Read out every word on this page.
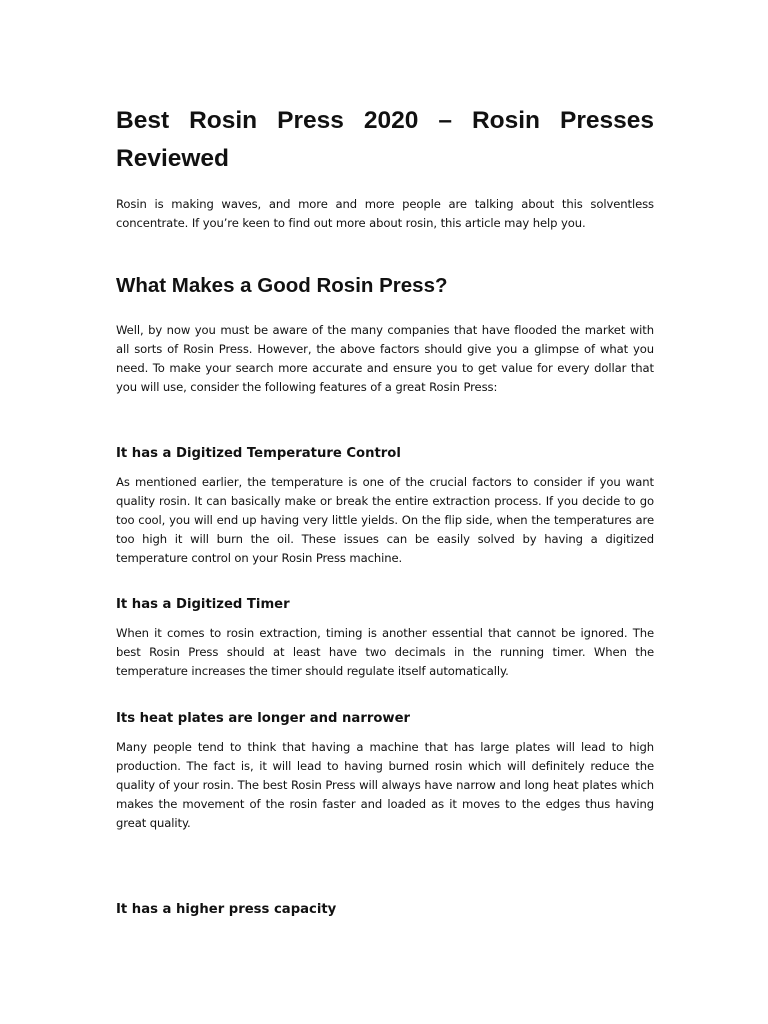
Best Rosin Press 2020 – Rosin Presses Reviewed

Rosin is making waves, and more and more people are talking about this solventless concentrate. If you’re keen to find out more about rosin, this article may help you.

What Makes a Good Rosin Press?

Well, by now you must be aware of the many companies that have flooded the market with all sorts of Rosin Press. However, the above factors should give you a glimpse of what you need. To make your search more accurate and ensure you to get value for every dollar that you will use, consider the following features of a great Rosin Press:

It has a Digitized Temperature Control

As mentioned earlier, the temperature is one of the crucial factors to consider if you want quality rosin. It can basically make or break the entire extraction process. If you decide to go too cool, you will end up having very little yields. On the flip side, when the temperatures are too high it will burn the oil. These issues can be easily solved by having a digitized temperature control on your Rosin Press machine.

It has a Digitized Timer

When it comes to rosin extraction, timing is another essential that cannot be ignored. The best Rosin Press should at least have two decimals in the running timer. When the temperature increases the timer should regulate itself automatically.

Its heat plates are longer and narrower

Many people tend to think that having a machine that has large plates will lead to high production. The fact is, it will lead to having burned rosin which will definitely reduce the quality of your rosin. The best Rosin Press will always have narrow and long heat plates which makes the movement of the rosin faster and loaded as it moves to the edges thus having great quality.

It has a higher press capacity
